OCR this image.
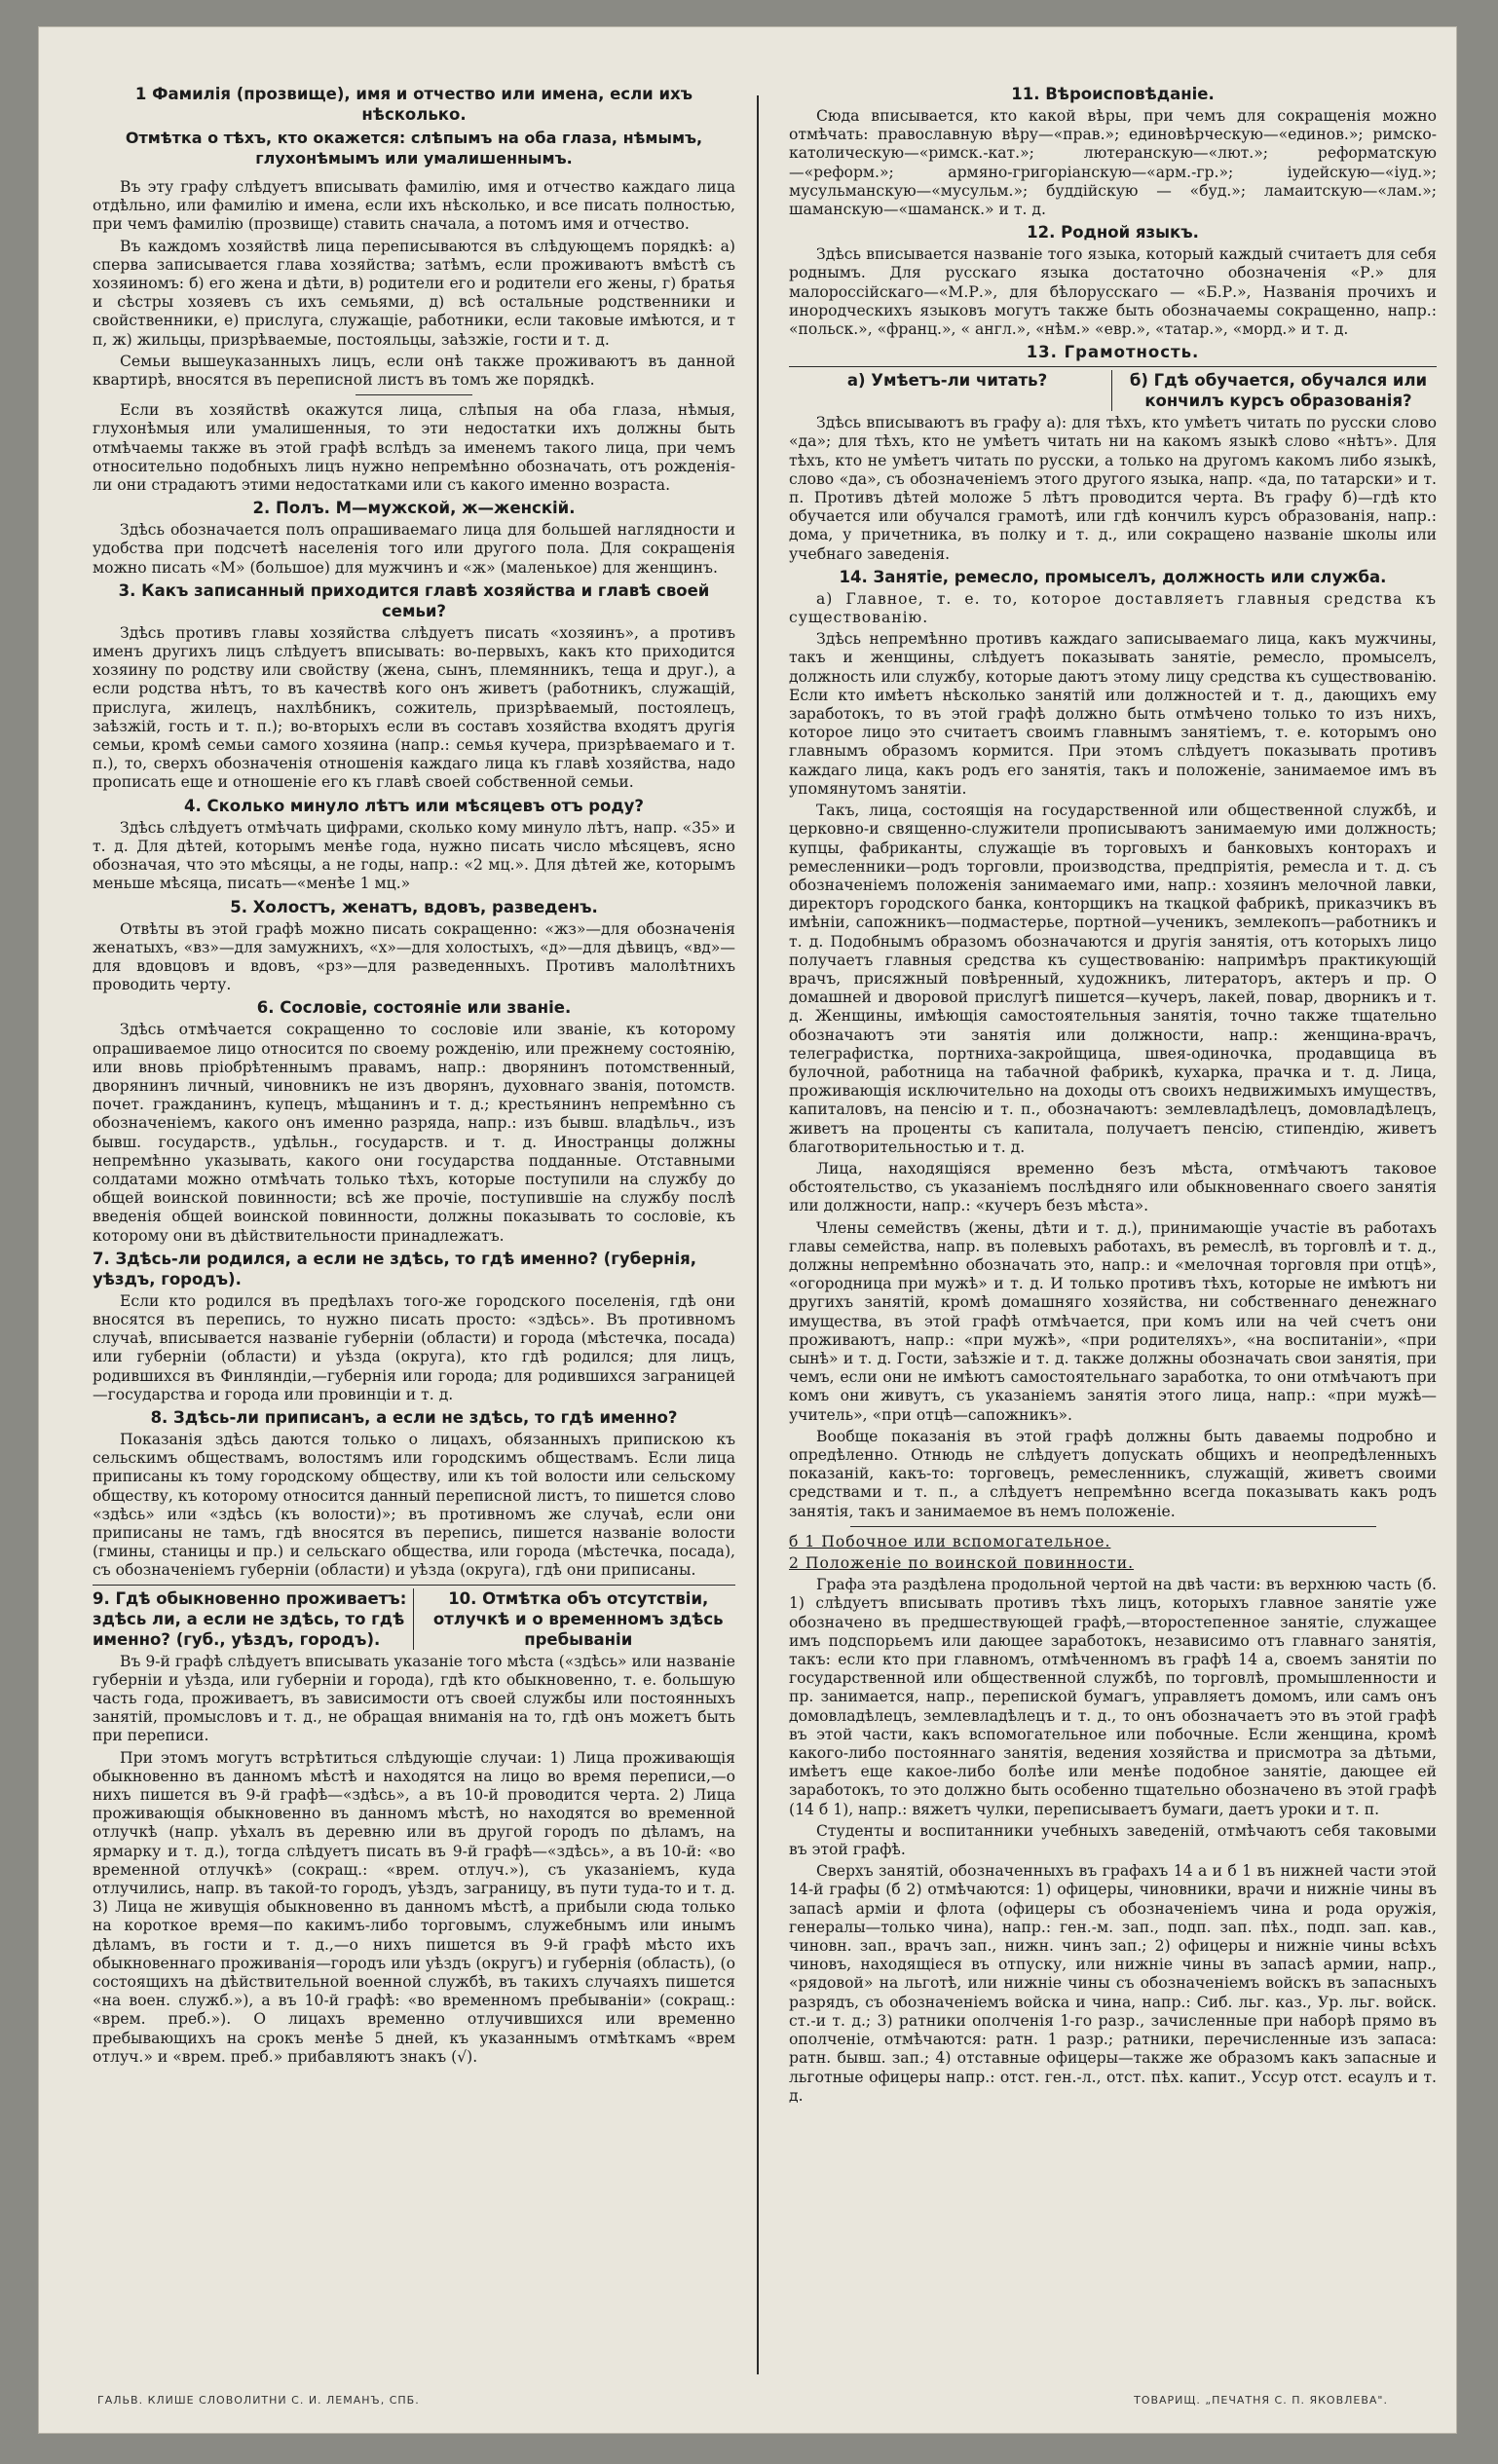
1 Фамилія (прозвище), имя и отчество или имена, если ихъ нѣсколько.
Отмѣтка о тѣхъ, кто окажется: слѣпымъ на оба глаза, нѣмымъ, глухонѣмымъ или умалишеннымъ.

Въ эту графу слѣдуетъ вписывать фамилію, имя и отчество каждаго лица отдѣльно, или фамилію и имена, если ихъ нѣсколько, и все писать полностью, при чемъ фамилію (прозвище) ставить сначала, а потомъ имя и отчество.

Въ каждомъ хозяйствѣ лица переписываются въ слѣдующемъ порядкѣ: а) сперва записывается глава хозяйства; затѣмъ, если проживаютъ вмѣстѣ съ хозяиномъ: б) его жена и дѣти, в) родители его и родители его жены, г) братья и сѣстры хозяевъ съ ихъ семьями, д) всѣ остальные родственники и свойственники, е) прислуга, служащіе, работники, если таковые имѣются, и т п, ж) жильцы, призрѣваемые, постояльцы, заѣзжіе, гости и т. д.

Семьи вышеуказанныхъ лицъ, если онѣ также проживаютъ въ данной квартирѣ, вносятся въ переписной листъ въ томъ же порядкѣ.

Если въ хозяйствѣ окажутся лица, слѣпыя на оба глаза, нѣмыя, глухонѣмыя или умалишенныя, то эти недостатки ихъ должны быть отмѣчаемы также въ этой графѣ вслѣдъ за именемъ такого лица, при чемъ относительно подобныхъ лицъ нужно непремѣнно обозначать, отъ рожденія-ли они страдаютъ этими недостатками или съ какого именно возраста.

2. Полъ. М—мужской, ж—женскій.

Здѣсь обозначается полъ опрашиваемаго лица для большей наглядности и удобства при подсчетѣ населенія того или другого пола. Для сокращенія можно писать «М» (большое) для мужчинъ и «ж» (маленькое) для женщинъ.

3. Какъ записанный приходится главѣ хозяйства и главѣ своей семьи?

Здѣсь противъ главы хозяйства слѣдуетъ писать «хозяинъ», а противъ именъ другихъ лицъ слѣдуетъ вписывать: во-первыхъ, какъ кто приходится хозяину по родству или свойству (жена, сынъ, племянникъ, теща и друг.), а если родства нѣтъ, то въ качествѣ кого онъ живетъ (работникъ, служащій, прислуга, жилецъ, нахлѣбникъ, сожитель, призрѣваемый, постоялецъ, заѣзжій, гость и т. п.); во-вторыхъ если въ составъ хозяйства входятъ другія семьи, кромѣ семьи самого хозяина (напр.: семья кучера, призрѣваемаго и т. п.), то, сверхъ обозначенія отношенія каждаго лица къ главѣ хозяйства, надо прописать еще и отношеніе его къ главѣ своей собственной семьи.

4. Сколько минуло лѣтъ или мѣсяцевъ отъ роду?

Здѣсь слѣдуетъ отмѣчать цифрами, сколько кому минуло лѣтъ, напр. «35» и т. д. Для дѣтей, которымъ менѣе года, нужно писать число мѣсяцевъ, ясно обозначая, что это мѣсяцы, а не годы, напр.: «2 мц.». Для дѣтей же, которымъ меньше мѣсяца, писать—«менѣе 1 мц.»

5. Холостъ, женатъ, вдовъ, разведенъ.

Отвѣты въ этой графѣ можно писать сокращенно: «жз»—для обозначенія женатыхъ, «вз»—для замужнихъ, «х»—для холостыхъ, «д»—для дѣвицъ, «вд»—для вдовцовъ и вдовъ, «рз»—для разведенныхъ. Противъ малолѣтнихъ проводить черту.

6. Сословіе, состояніе или званіе.

Здѣсь отмѣчается сокращенно то сословіе или званіе, къ которому опрашиваемое лицо относится по своему рожденію, или прежнему состоянію, или вновь пріобрѣтеннымъ правамъ, напр.: дворянинъ потомственный, дворянинъ личный, чиновникъ не изъ дворянъ, духовнаго званія, потомств. почет. гражданинъ, купецъ, мѣщанинъ и т. д.; крестьянинъ непремѣнно съ обозначеніемъ, какого онъ именно разряда, напр.: изъ бывш. владѣльч., изъ бывш. государств., удѣльн., государств. и т. д. Иностранцы должны непремѣнно указывать, какого они государства подданные. Отставными солдатами можно отмѣчать только тѣхъ, которые поступили на службу до общей воинской повинности; всѣ же прочіе, поступившіе на службу послѣ введенія общей воинской повинности, должны показывать то сословіе, къ которому они въ дѣйствительности принадлежатъ.

7. Здѣсь-ли родился, а если не здѣсь, то гдѣ именно? (губернія, уѣздъ, городъ).

Если кто родился въ предѣлахъ того-же городского поселенія, гдѣ они вносятся въ перепись, то нужно писать просто: «здѣсь». Въ противномъ случаѣ, вписывается названіе губерніи (области) и города (мѣстечка, посада) или губерніи (области) и уѣзда (округа), кто гдѣ родился; для лицъ, родившихся въ Финляндіи,—губернія или города; для родившихся заграницей—государства и города или провинціи и т. д.

8. Здѣсь-ли приписанъ, а если не здѣсь, то гдѣ именно?

Показанія здѣсь даются только о лицахъ, обязанныхъ припискою къ сельскимъ обществамъ, волостямъ или городскимъ обществамъ. Если лица приписаны къ тому городскому обществу, или къ той волости или сельскому обществу, къ которому относится данный переписной листъ, то пишется слово «здѣсь» или «здѣсь (къ волости)»; въ противномъ же случаѣ, если они приписаны не тамъ, гдѣ вносятся въ перепись, пишется названіе волости (гмины, станицы и пр.) и сельскаго общества, или города (мѣстечка, посада), съ обозначеніемъ губерніи (области) и уѣзда (округа), гдѣ они приписаны.

9. Гдѣ обыкновенно проживаетъ: здѣсь ли, а если не здѣсь, то гдѣ именно? (губ., уѣздъ, городъ).
10. Отмѣтка объ отсутствіи, отлучкѣ и о временномъ здѣсь пребываніи

Въ 9-й графѣ слѣдуетъ вписывать указаніе того мѣста («здѣсь» или названіе губерніи и уѣзда, или губерніи и города), гдѣ кто обыкновенно, т. е. большую часть года, проживаетъ, въ зависимости отъ своей службы или постоянныхъ занятій, промысловъ и т. д., не обращая вниманія на то, гдѣ онъ можетъ быть при переписи.

При этомъ могутъ встрѣтиться слѣдующіе случаи: 1) Лица проживающія обыкновенно въ данномъ мѣстѣ и находятся на лицо во время переписи,—о нихъ пишется въ 9-й графѣ—«здѣсь», а въ 10-й проводится черта. 2) Лица проживающія обыкновенно въ данномъ мѣстѣ, но находятся во временной отлучкѣ (напр. уѣхалъ въ деревню или въ другой городъ по дѣламъ, на ярмарку и т. д.), тогда слѣдуетъ писать въ 9-й графѣ—«здѣсь», а въ 10-й: «во временной отлучкѣ» (сокращ.: «врем. отлуч.»), съ указаніемъ, куда отлучились, напр. въ такой-то городъ, уѣздъ, заграницу, въ пути туда-то и т. д. 3) Лица не живущія обыкновенно въ данномъ мѣстѣ, а прибыли сюда только на короткое время—по какимъ-либо торговымъ, служебнымъ или инымъ дѣламъ, въ гости и т. д.,—о нихъ пишется въ 9-й графѣ мѣсто ихъ обыкновеннаго проживанія—городъ или уѣздъ (округъ) и губернія (область), (о состоящихъ на дѣйствительной военной службѣ, въ такихъ случаяхъ пишется «на воен. служб.»), а въ 10-й графѣ: «во временномъ пребываніи» (сокращ.: «врем. преб.»). О лицахъ временно отлучившихся или временно пребывающихъ на срокъ менѣе 5 дней, къ указаннымъ отмѣткамъ «врем отлуч.» и «врем. преб.» прибавляютъ знакъ (√).

11. Вѣроисповѣданіе.

Сюда вписывается, кто какой вѣры, при чемъ для сокращенія можно отмѣчать: православную вѣру—«прав.»; единовѣрческую—«единов.»; римско-католическую—«римск.-кат.»; лютеранскую—«лют.»; реформатскую—«реформ.»; армяно-григоріанскую—«арм.-гр.»; іудейскую—«іуд.»; мусульманскую—«мусульм.»; буддійскую — «буд.»; ламаитскую—«лам.»; шаманскую—«шаманск.» и т. д.

12. Родной языкъ.

Здѣсь вписывается названіе того языка, который каждый считаетъ для себя роднымъ. Для русскаго языка достаточно обозначенія «Р.» для малороссійскаго—«М.Р.», для бѣлорусскаго — «Б.Р.», Названія прочихъ и инородческихъ языковъ могутъ также быть обозначаемы сокращенно, напр.: «польск.», «франц.», « англ.», «нѣм.» «евр.», «татар.», «морд.» и т. д.

13. Грамотность.
а) Умѣетъ-ли читать?	б) Гдѣ обучается, обучался или кончилъ курсъ образованія?

Здѣсь вписываютъ въ графу а): для тѣхъ, кто умѣетъ читать по русски слово «да»; для тѣхъ, кто не умѣетъ читать ни на какомъ языкѣ слово «нѣтъ». Для тѣхъ, кто не умѣетъ читать по русски, а только на другомъ какомъ либо языкѣ, слово «да», съ обозначеніемъ этого другого языка, напр. «да, по татарски» и т. п. Противъ дѣтей моложе 5 лѣтъ проводится черта. Въ графу б)—гдѣ кто обучается или обучался грамотѣ, или гдѣ кончилъ курсъ образованія, напр.: дома, у причетника, въ полку и т. д., или сокращено названіе школы или учебнаго заведенія.

14. Занятіе, ремесло, промыселъ, должность или служба.

а) Главное, т. е. то, которое доставляетъ главныя средства къ существованію.

Здѣсь непремѣнно противъ каждаго записываемаго лица, какъ мужчины, такъ и женщины, слѣдуетъ показывать занятіе, ремесло, промыселъ, должность или службу, которые даютъ этому лицу средства къ существованію. Если кто имѣетъ нѣсколько занятій или должностей и т. д., дающихъ ему заработокъ, то въ этой графѣ должно быть отмѣчено только то изъ нихъ, которое лицо это считаетъ своимъ главнымъ занятіемъ, т. е. которымъ оно главнымъ образомъ кормится. При этомъ слѣдуетъ показывать противъ каждаго лица, какъ родъ его занятія, такъ и положеніе, занимаемое имъ въ упомянутомъ занятіи.

Такъ, лица, состоящія на государственной или общественной службѣ, и церковно-и священно-служители прописываютъ занимаемую ими должность; купцы, фабриканты, служащіе въ торговыхъ и банковыхъ конторахъ и ремесленники—родъ торговли, производства, предпріятія, ремесла и т. д. съ обозначеніемъ положенія занимаемаго ими, напр.: хозяинъ мелочной лавки, директоръ городского банка, конторщикъ на ткацкой фабрикѣ, приказчикъ въ имѣніи, сапожникъ—подмастерье, портной—ученикъ, землекопъ—работникъ и т. д. Подобнымъ образомъ обозначаются и другія занятія, отъ которыхъ лицо получаетъ главныя средства къ существованію: напримѣръ практикующій врачъ, присяжный повѣренный, художникъ, литераторъ, актеръ и пр. О домашней и дворовой прислугѣ пишется—кучеръ, лакей, повар, дворникъ и т. д. Женщины, имѣющія самостоятельныя занятія, точно также тщательно обозначаютъ эти занятія или должности, напр.: женщина-врачъ, телеграфистка, портниха-закройщица, швея-одиночка, продавщица въ булочной, работница на табачной фабрикѣ, кухарка, прачка и т. д. Лица, проживающія исключительно на доходы отъ своихъ недвижимыхъ имуществъ, капиталовъ, на пенсію и т. п., обозначаютъ: землевладѣлецъ, домовладѣлецъ, живетъ на проценты съ капитала, получаетъ пенсію, стипендію, живетъ благотворительностью и т. д.

Лица, находящіяся временно безъ мѣста, отмѣчаютъ таковое обстоятельство, съ указаніемъ послѣдняго или обыкновеннаго своего занятія или должности, напр.: «кучеръ безъ мѣста».

Члены семействъ (жены, дѣти и т. д.), принимающіе участіе въ работахъ главы семейства, напр. въ полевыхъ работахъ, въ ремеслѣ, въ торговлѣ и т. д., должны непремѣнно обозначать это, напр.: и «мелочная торговля при отцѣ», «огородница при мужѣ» и т. д. И только противъ тѣхъ, которые не имѣютъ ни другихъ занятій, кромѣ домашняго хозяйства, ни собственнаго денежнаго имущества, въ этой графѣ отмѣчается, при комъ или на чей счетъ они проживаютъ, напр.: «при мужѣ», «при родителяхъ», «на воспитаніи», «при сынѣ» и т. д. Гости, заѣзжіе и т. д. также должны обозначать свои занятія, при чемъ, если они не имѣютъ самостоятельнаго заработка, то они отмѣчаютъ при комъ они живутъ, съ указаніемъ занятія этого лица, напр.: «при мужѣ—учитель», «при отцѣ—сапожникъ».

Вообще показанія въ этой графѣ должны быть даваемы подробно и опредѣленно. Отнюдь не слѣдуетъ допускать общихъ и неопредѣленныхъ показаній, какъ-то: торговецъ, ремесленникъ, служащій, живетъ своими средствами и т. п., а слѣдуетъ непремѣнно всегда показывать какъ родъ занятія, такъ и занимаемое въ немъ положеніе.

б 1 Побочное или вспомогательное.

2 Положеніе по воинской повинности.

Графа эта раздѣлена продольной чертой на двѣ части: въ верхнюю часть (б. 1) слѣдуетъ вписывать противъ тѣхъ лицъ, которыхъ главное занятіе уже обозначено въ предшествующей графѣ,—второстепенное занятіе, служащее имъ подспорьемъ или дающее заработокъ, независимо отъ главнаго занятія, такъ: если кто при главномъ, отмѣченномъ въ графѣ 14 а, своемъ занятіи по государственной или общественной службѣ, по торговлѣ, промышленности и пр. занимается, напр., перепиской бумагъ, управляетъ домомъ, или самъ онъ домовладѣлецъ, землевладѣлецъ и т. д., то онъ обозначаетъ это въ этой графѣ въ этой части, какъ вспомогательное или побочные. Если женщина, кромѣ какого-либо постояннаго занятія, ведения хозяйства и присмотра за дѣтьми, имѣетъ еще какое-либо болѣе или менѣе подобное занятіе, дающее ей заработокъ, то это должно быть особенно тщательно обозначено въ этой графѣ (14 б 1), напр.: вяжетъ чулки, переписываетъ бумаги, даетъ уроки и т. п.

Студенты и воспитанники учебныхъ заведеній, отмѣчаютъ себя таковыми въ этой графѣ.

Сверхъ занятій, обозначенныхъ въ графахъ 14 а и б 1 въ нижней части этой 14-й графы (б 2) отмѣчаются: 1) офицеры, чиновники, врачи и нижніе чины въ запасѣ арміи и флота (офицеры съ обозначеніемъ чина и рода оружія, генералы—только чина), напр.: ген.-м. зап., подп. зап. пѣх., подп. зап. кав., чиновн. зап., врачъ зап., нижн. чинъ зап.; 2) офицеры и нижніе чины всѣхъ чиновъ, находящіеся въ отпуску, или нижніе чины въ запасѣ армии, напр., «рядовой» на льготѣ, или нижніе чины съ обозначеніемъ войскъ въ запасныхъ разрядъ, съ обозначеніемъ войска и чина, напр.: Сиб. льг. каз., Ур. льг. войск. ст.-и т. д.; 3) ратники ополченія 1-го разр., зачисленные при наборѣ прямо въ ополченіе, отмѣчаются: ратн. 1 разр.; ратники, перечисленные изъ запаса: ратн. бывш. зап.; 4) отставные офицеры—также же образомъ какъ запасные и льготные офицеры напр.: отст. ген.-л., отст. пѣх. капит., Уссур отст. есаулъ и т. д.

ГАЛЬВ. КЛИШЕ СЛОВОЛИТНИ С. И. ЛЕМАНЪ, СПБ.	ТОВАРИЩ. „ПЕЧАТНЯ С. П. ЯКОВЛЕВА".
